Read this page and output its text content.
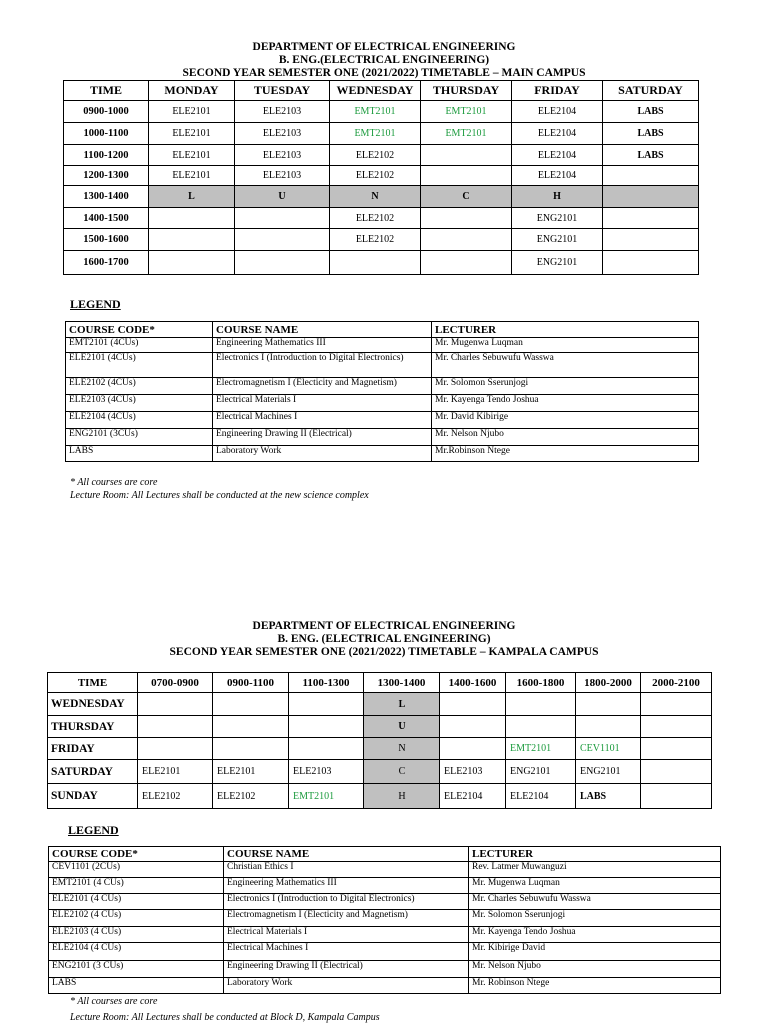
DEPARTMENT OF ELECTRICAL ENGINEERING
B. ENG.(ELECTRICAL ENGINEERING)
SECOND YEAR SEMESTER ONE (2021/2022) TIMETABLE – MAIN CAMPUS
TIME	MONDAY	TUESDAY	WEDNESDAY	THURSDAY	FRIDAY	SATURDAY
0900-1000	ELE2101	ELE2103	EMT2101	EMT2101	ELE2104	LABS
1000-1100	ELE2101	ELE2103	EMT2101	EMT2101	ELE2104	LABS
1100-1200	ELE2101	ELE2103	ELE2102		ELE2104	LABS
1200-1300	ELE2101	ELE2103	ELE2102		ELE2104	
1300-1400	L	U	N	C	H	
1400-1500			ELE2102		ENG2101	
1500-1600			ELE2102		ENG2101	
1600-1700					ENG2101	
LEGEND
COURSE CODE*	COURSE NAME	LECTURER
EMT2101 (4CUs)	Engineering Mathematics III	Mr. Mugenwa Luqman
ELE2101 (4CUs)	Electronics I (Introduction to Digital Electronics)	Mr. Charles Sebuwufu Wasswa
ELE2102 (4CUs)	Electromagnetism I (Electicity and Magnetism)	Mr. Solomon Sserunjogi
ELE2103 (4CUs)	Electrical Materials I	Mr. Kayenga Tendo Joshua
ELE2104 (4CUs)	Electrical Machines I	Mr. David Kibirige
ENG2101 (3CUs)	Engineering Drawing II (Electrical)	Mr. Nelson Njubo
LABS	Laboratory Work	Mr.Robinson Ntege
* All courses are core
Lecture Room: All Lectures shall be conducted at the new science complex
DEPARTMENT OF ELECTRICAL ENGINEERING
B. ENG. (ELECTRICAL ENGINEERING)
SECOND YEAR SEMESTER ONE (2021/2022) TIMETABLE – KAMPALA CAMPUS
TIME	0700-0900	0900-1100	1100-1300	1300-1400	1400-1600	1600-1800	1800-2000	2000-2100
WEDNESDAY				L				
THURSDAY				U				
FRIDAY				N		EMT2101	CEV1101	
SATURDAY	ELE2101	ELE2101	ELE2103	C	ELE2103	ENG2101	ENG2101	
SUNDAY	ELE2102	ELE2102	EMT2101	H	ELE2104	ELE2104	LABS	
LEGEND
COURSE CODE*	COURSE NAME	LECTURER
CEV1101 (2CUs)	Christian Ethics I	Rev. Latmer Muwanguzi
EMT2101 (4 CUs)	Engineering Mathematics III	Mr. Mugenwa Luqman
ELE2101 (4 CUs)	Electronics I (Introduction to Digital Electronics)	Mr. Charles Sebuwufu Wasswa
ELE2102 (4 CUs)	Electromagnetism I (Electicity and Magnetism)	Mr. Solomon Sserunjogi
ELE2103 (4 CUs)	Electrical Materials I	Mr. Kayenga Tendo Joshua
ELE2104 (4 CUs)	Electrical Machines I	Mr. Kibirige David
ENG2101 (3 CUs)	Engineering Drawing II (Electrical)	Mr. Nelson Njubo
LABS	Laboratory Work	Mr. Robinson Ntege
* All courses are core
Lecture Room: All Lectures shall be conducted at Block D, Kampala Campus
